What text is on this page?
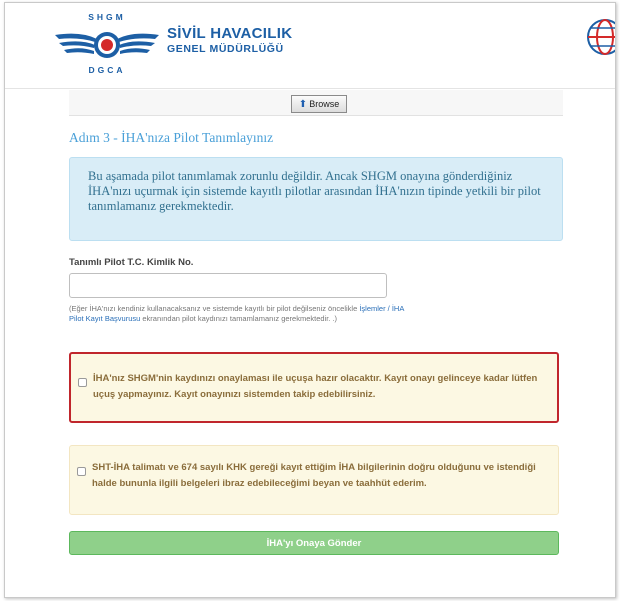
SHGM
DGCA
SİVİL HAVACILIK
GENEL MÜDÜRLÜĞÜ
⬆ Browse
Adım 3 - İHA'nıza Pilot Tanımlayınız
Bu aşamada pilot tanımlamak zorunlu değildir. Ancak SHGM onayına gönderdiğiniz İHA'nızı uçurmak için sistemde kayıtlı pilotlar arasından İHA'nızın tipinde yetkili bir pilot tanımlamanız gerekmektedir.
Tanımlı Pilot T.C. Kimlik No.
(Eğer İHA'nızı kendiniz kullanacaksanız ve sistemde kayıtlı bir pilot değilseniz öncelikle İşlemler / İHA Pilot Kayıt Başvurusu ekranından pilot kaydınızı tamamlamanız gerekmektedir. .)
İHA'nız SHGM'nin kaydınızı onaylaması ile uçuşa hazır olacaktır. Kayıt onayı gelinceye kadar lütfen uçuş yapmayınız. Kayıt onayınızı sistemden takip edebilirsiniz.
SHT-İHA talimatı ve 674 sayılı KHK gereği kayıt ettiğim İHA bilgilerinin doğru olduğunu ve istendiği halde bununla ilgili belgeleri ibraz edebileceğimi beyan ve taahhüt ederim.
İHA'yı Onaya Gönder
